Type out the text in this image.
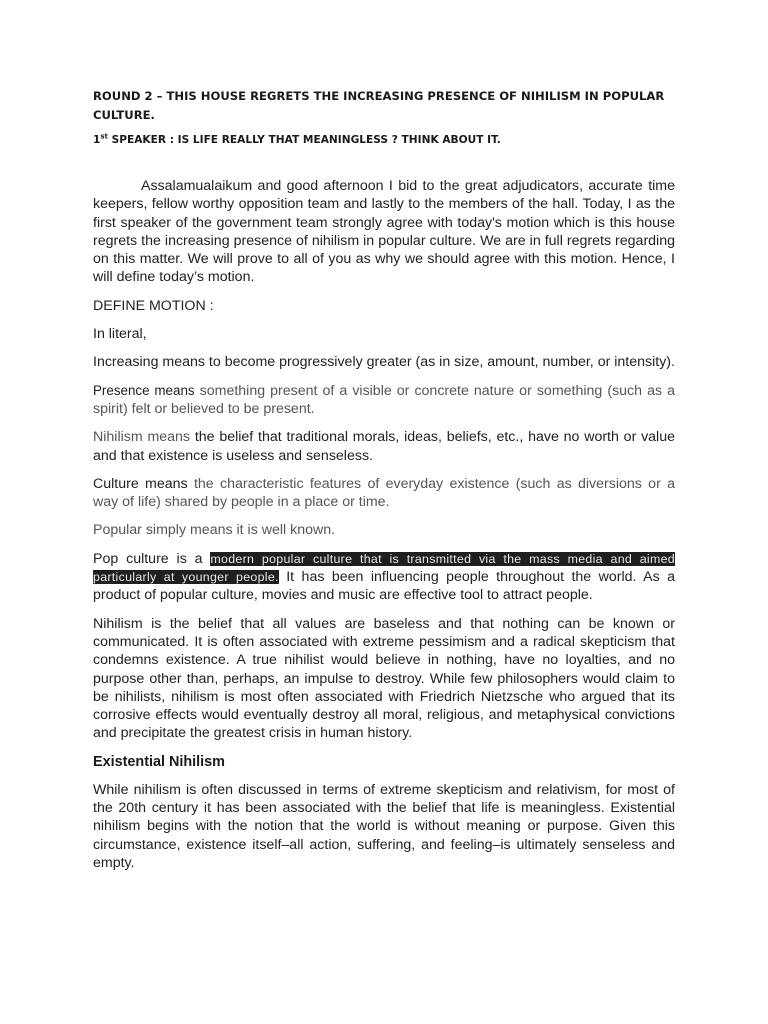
ROUND 2 – THIS HOUSE REGRETS THE INCREASING PRESENCE OF NIHILISM IN POPULAR CULTURE.

1st SPEAKER : IS LIFE REALLY THAT MEANINGLESS ? THINK ABOUT IT.

Assalamualaikum and good afternoon I bid to the great adjudicators, accurate time keepers, fellow worthy opposition team and lastly to the members of the hall. Today, I as the first speaker of the government team strongly agree with today's motion which is this house regrets the increasing presence of nihilism in popular culture. We are in full regrets regarding on this matter. We will prove to all of you as why we should agree with this motion. Hence, I will define today’s motion.

DEFINE MOTION :

In literal,

Increasing means to become progressively greater (as in size, amount, number, or intensity).

Presence means something present of a visible or concrete nature or something (such as a spirit) felt or believed to be present.

Nihilism means the belief that traditional morals, ideas, beliefs, etc., have no worth or value and that existence is useless and senseless.

Culture means the characteristic features of everyday existence (such as diversions or a way of life) shared by people in a place or time.

Popular simply means it is well known.

Pop culture is a modern popular culture that is transmitted via the mass media and aimed particularly at younger people. It has been influencing people throughout the world. As a product of popular culture, movies and music are effective tool to attract people.

Nihilism is the belief that all values are baseless and that nothing can be known or communicated. It is often associated with extreme pessimism and a radical skepticism that condemns existence. A true nihilist would believe in nothing, have no loyalties, and no purpose other than, perhaps, an impulse to destroy. While few philosophers would claim to be nihilists, nihilism is most often associated with Friedrich Nietzsche who argued that its corrosive effects would eventually destroy all moral, religious, and metaphysical convictions and precipitate the greatest crisis in human history.

Existential Nihilism

While nihilism is often discussed in terms of extreme skepticism and relativism, for most of the 20th century it has been associated with the belief that life is meaningless. Existential nihilism begins with the notion that the world is without meaning or purpose. Given this circumstance, existence itself–all action, suffering, and feeling–is ultimately senseless and empty.
